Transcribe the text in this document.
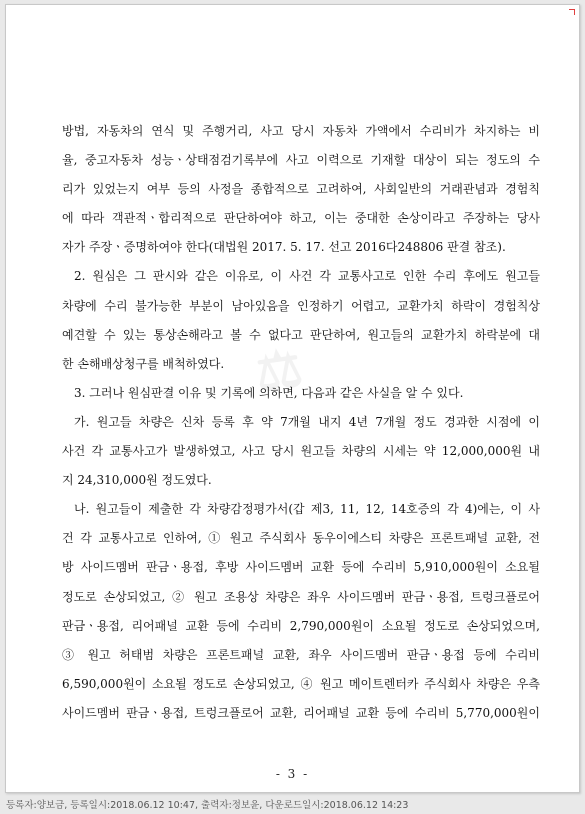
⚖
방법, 자동차의 연식 및 주행거리, 사고 당시 자동차 가액에서 수리비가 차지하는 비
율, 중고자동차 성능ㆍ상태점검기록부에 사고 이력으로 기재할 대상이 되는 정도의 수
리가 있었는지 여부 등의 사정을 종합적으로 고려하여, 사회일반의 거래관념과 경험칙
에 따라 객관적ㆍ합리적으로 판단하여야 하고, 이는 중대한 손상이라고 주장하는 당사
자가 주장ㆍ증명하여야 한다(대법원 2017. 5. 17. 선고 2016다248806 판결 참조).
2. 원심은 그 판시와 같은 이유로, 이 사건 각 교통사고로 인한 수리 후에도 원고들
차량에 수리 불가능한 부분이 남아있음을 인정하기 어렵고, 교환가치 하락이 경험칙상
예견할 수 있는 통상손해라고 볼 수 없다고 판단하여, 원고들의 교환가치 하락분에 대
한 손해배상청구를 배척하였다.
3. 그러나 원심판결 이유 및 기록에 의하면, 다음과 같은 사실을 알 수 있다.
가. 원고들 차량은 신차 등록 후 약 7개월 내지 4년 7개월 정도 경과한 시점에 이
사건 각 교통사고가 발생하였고, 사고 당시 원고들 차량의 시세는 약 12,000,000원 내
지 24,310,000원 정도였다.
나. 원고들이 제출한 각 차량감정평가서(갑 제3, 11, 12, 14호증의 각 4)에는, 이 사
건 각 교통사고로 인하여, ① 원고 주식회사 동우이에스티 차량은 프론트패널 교환, 전
방 사이드멤버 판금ㆍ용접, 후방 사이드멤버 교환 등에 수리비 5,910,000원이 소요될
정도로 손상되었고, ② 원고 조용상 차량은 좌우 사이드멤버 판금ㆍ용접, 트렁크플로어
판금ㆍ용접, 리어패널 교환 등에 수리비 2,790,000원이 소요될 정도로 손상되었으며,
③ 원고 허태범 차량은 프론트패널 교환, 좌우 사이드멤버 판금ㆍ용접 등에 수리비
6,590,000원이 소요될 정도로 손상되었고, ④ 원고 메이트렌터카 주식회사 차량은 우측
사이드멤버 판금ㆍ용접, 트렁크플로어 교환, 리어패널 교환 등에 수리비 5,770,000원이
- 3 -
등록자:양보금, 등록일시:2018.06.12 10:47, 출력자:정보윤, 다운로드일시:2018.06.12 14:23
